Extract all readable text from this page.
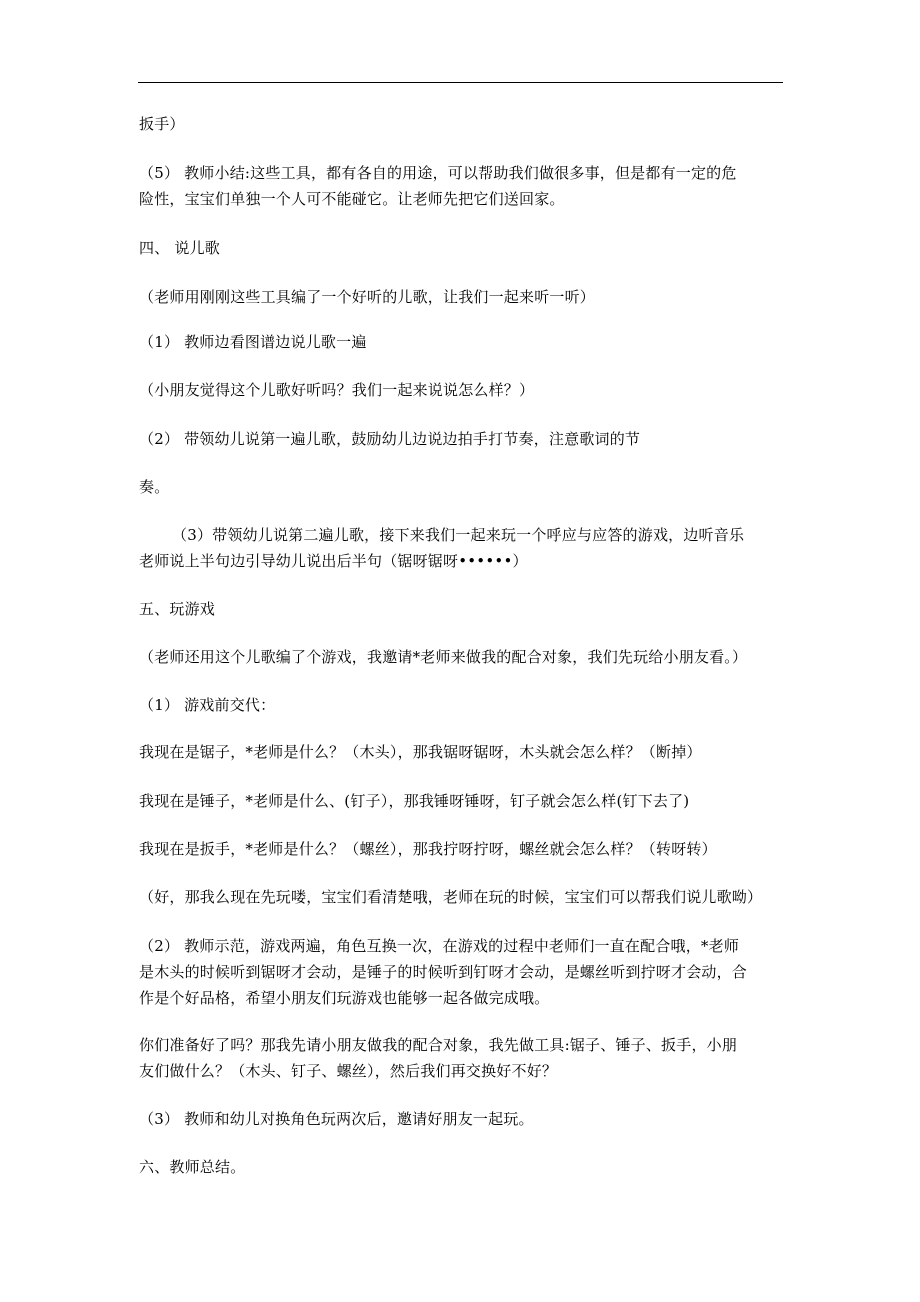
扳手）
（5） 教师小结:这些工具，都有各自的用途，可以帮助我们做很多事，但是都有一定的危
险性，宝宝们单独一个人可不能碰它。让老师先把它们送回家。
四、 说儿歌
（老师用刚刚这些工具编了一个好听的儿歌，让我们一起来听一听）
（1） 教师边看图谱边说儿歌一遍
（小朋友觉得这个儿歌好听吗？我们一起来说说怎么样？）
（2） 带领幼儿说第一遍儿歌，鼓励幼儿边说边拍手打节奏，注意歌词的节
奏。
（3）带领幼儿说第二遍儿歌，接下来我们一起来玩一个呼应与应答的游戏，边听音乐
老师说上半句边引导幼儿说出后半句（锯呀锯呀••••••）
五、玩游戏
（老师还用这个儿歌编了个游戏，我邀请*老师来做我的配合对象，我们先玩给小朋友看。）
（1） 游戏前交代：
我现在是锯子，*老师是什么？（木头），那我锯呀锯呀，木头就会怎么样？（断掉）
我现在是锤子，*老师是什么、(钉子），那我锤呀锤呀，钉子就会怎么样(钉下去了)
我现在是扳手，*老师是什么？（螺丝），那我拧呀拧呀，螺丝就会怎么样？（转呀转）
（好，那我么现在先玩喽，宝宝们看清楚哦，老师在玩的时候，宝宝们可以帮我们说儿歌呦）
（2） 教师示范，游戏两遍，角色互换一次，在游戏的过程中老师们一直在配合哦，*老师
是木头的时候听到锯呀才会动，是锤子的时候听到钉呀才会动，是螺丝听到拧呀才会动，合
作是个好品格，希望小朋友们玩游戏也能够一起各做完成哦。
你们准备好了吗？那我先请小朋友做我的配合对象，我先做工具:锯子、锤子、扳手，小朋
友们做什么？（木头、钉子、螺丝），然后我们再交换好不好？
（3） 教师和幼儿对换角色玩两次后，邀请好朋友一起玩。
六、教师总结。
